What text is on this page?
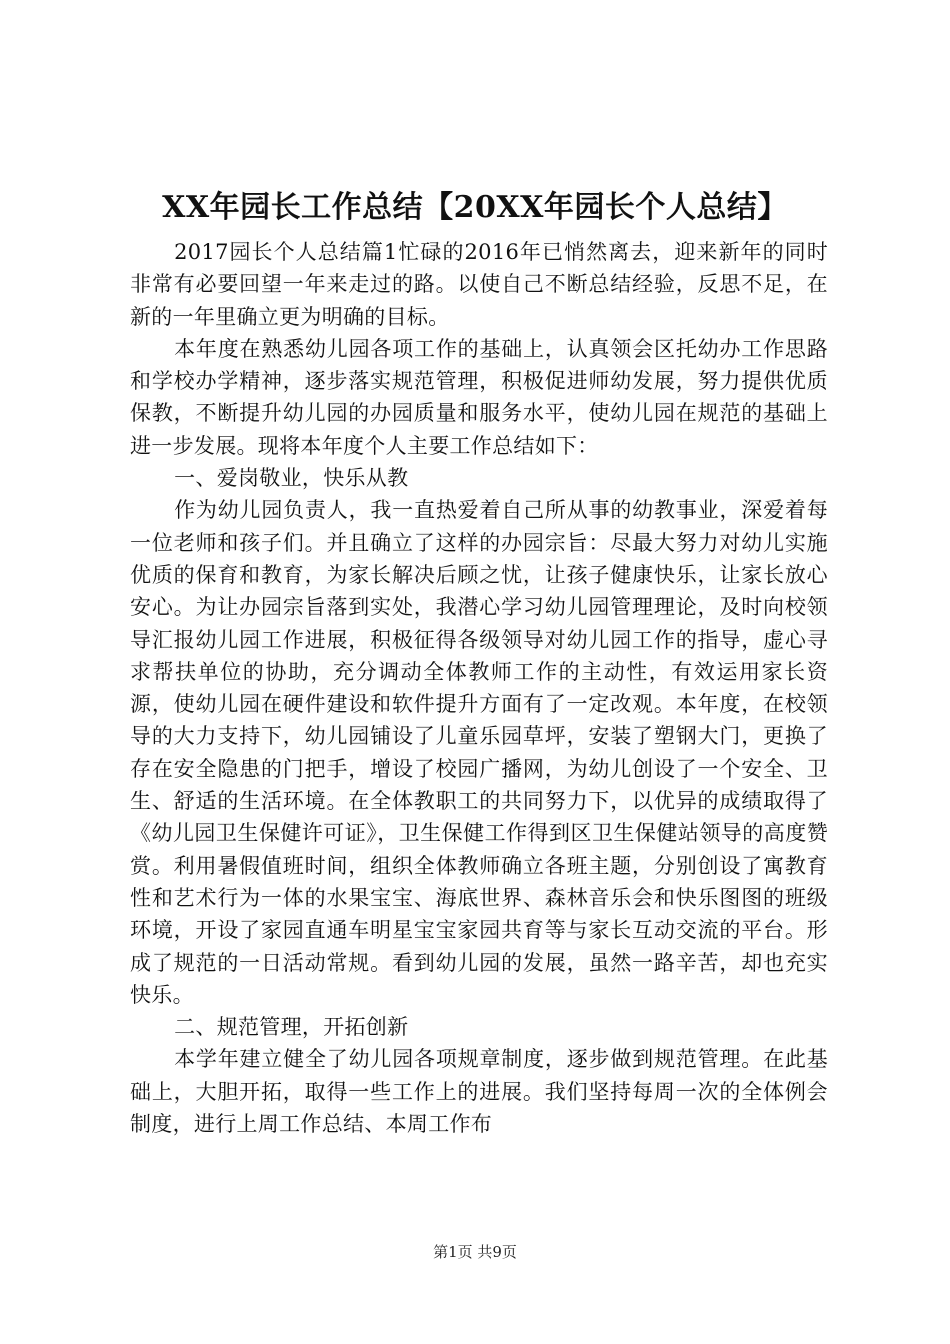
XX年园长工作总结【20XX年园长个人总结】

2017园长个人总结篇1忙碌的2016年已悄然离去，迎来新年的同时非常有必要回望一年来走过的路。以使自己不断总结经验，反思不足，在新的一年里确立更为明确的目标。

本年度在熟悉幼儿园各项工作的基础上，认真领会区托幼办工作思路和学校办学精神，逐步落实规范管理，积极促进师幼发展，努力提供优质保教，不断提升幼儿园的办园质量和服务水平，使幼儿园在规范的基础上进一步发展。现将本年度个人主要工作总结如下：

一、爱岗敬业，快乐从教

作为幼儿园负责人，我一直热爱着自己所从事的幼教事业，深爱着每一位老师和孩子们。并且确立了这样的办园宗旨：尽最大努力对幼儿实施优质的保育和教育，为家长解决后顾之忧，让孩子健康快乐，让家长放心安心。为让办园宗旨落到实处，我潜心学习幼儿园管理理论，及时向校领导汇报幼儿园工作进展，积极征得各级领导对幼儿园工作的指导，虚心寻求帮扶单位的协助，充分调动全体教师工作的主动性，有效运用家长资源，使幼儿园在硬件建设和软件提升方面有了一定改观。本年度，在校领导的大力支持下，幼儿园铺设了儿童乐园草坪，安装了塑钢大门，更换了存在安全隐患的门把手，增设了校园广播网，为幼儿创设了一个安全、卫生、舒适的生活环境。在全体教职工的共同努力下，以优异的成绩取得了《幼儿园卫生保健许可证》，卫生保健工作得到区卫生保健站领导的高度赞赏。利用暑假值班时间，组织全体教师确立各班主题，分别创设了寓教育性和艺术行为一体的水果宝宝、海底世界、森林音乐会和快乐图图的班级环境，开设了家园直通车明星宝宝家园共育等与家长互动交流的平台。形成了规范的一日活动常规。看到幼儿园的发展，虽然一路辛苦，却也充实快乐。

二、规范管理，开拓创新

本学年建立健全了幼儿园各项规章制度，逐步做到规范管理。在此基础上，大胆开拓，取得一些工作上的进展。我们坚持每周一次的全体例会制度，进行上周工作总结、本周工作布

第1页 共9页
